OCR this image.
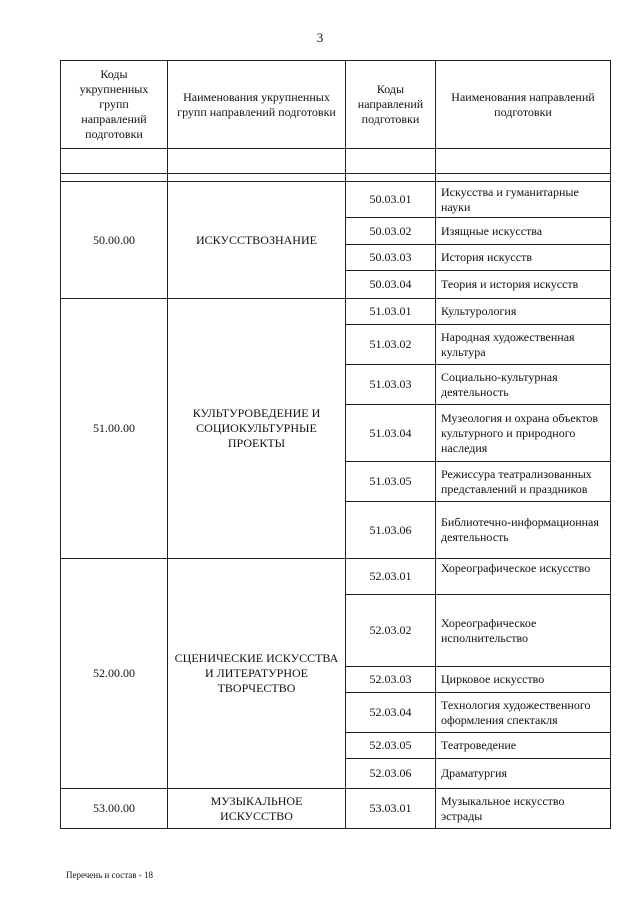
3
Коды укрупненных групп направлений подготовки	Наименования укрупненных групп направлений подготовки	Коды направлений подготовки	Наименования направлений подготовки

50.00.00	ИСКУССТВОЗНАНИЕ	50.03.01	Искусства и гуманитарные науки
		50.03.02	Изящные искусства
		50.03.03	История искусств
		50.03.04	Теория и история искусств
51.00.00	КУЛЬТУРОВЕДЕНИЕ И СОЦИОКУЛЬТУРНЫЕ ПРОЕКТЫ	51.03.01	Культурология
		51.03.02	Народная художественная культура
		51.03.03	Социально-культурная деятельность
		51.03.04	Музеология и охрана объектов культурного и природного наследия
		51.03.05	Режиссура театрализованных представлений и праздников
		51.03.06	Библиотечно-информационная деятельность
52.00.00	СЦЕНИЧЕСКИЕ ИСКУССТВА И ЛИТЕРАТУРНОЕ ТВОРЧЕСТВО	52.03.01	Хореографическое искусство
		52.03.02	Хореографическое исполнительство
		52.03.03	Цирковое искусство
		52.03.04	Технология художественного оформления спектакля
		52.03.05	Театроведение
		52.03.06	Драматургия
53.00.00	МУЗЫКАЛЬНОЕ ИСКУССТВО	53.03.01	Музыкальное искусство эстрады
Перечень и состав - 18
